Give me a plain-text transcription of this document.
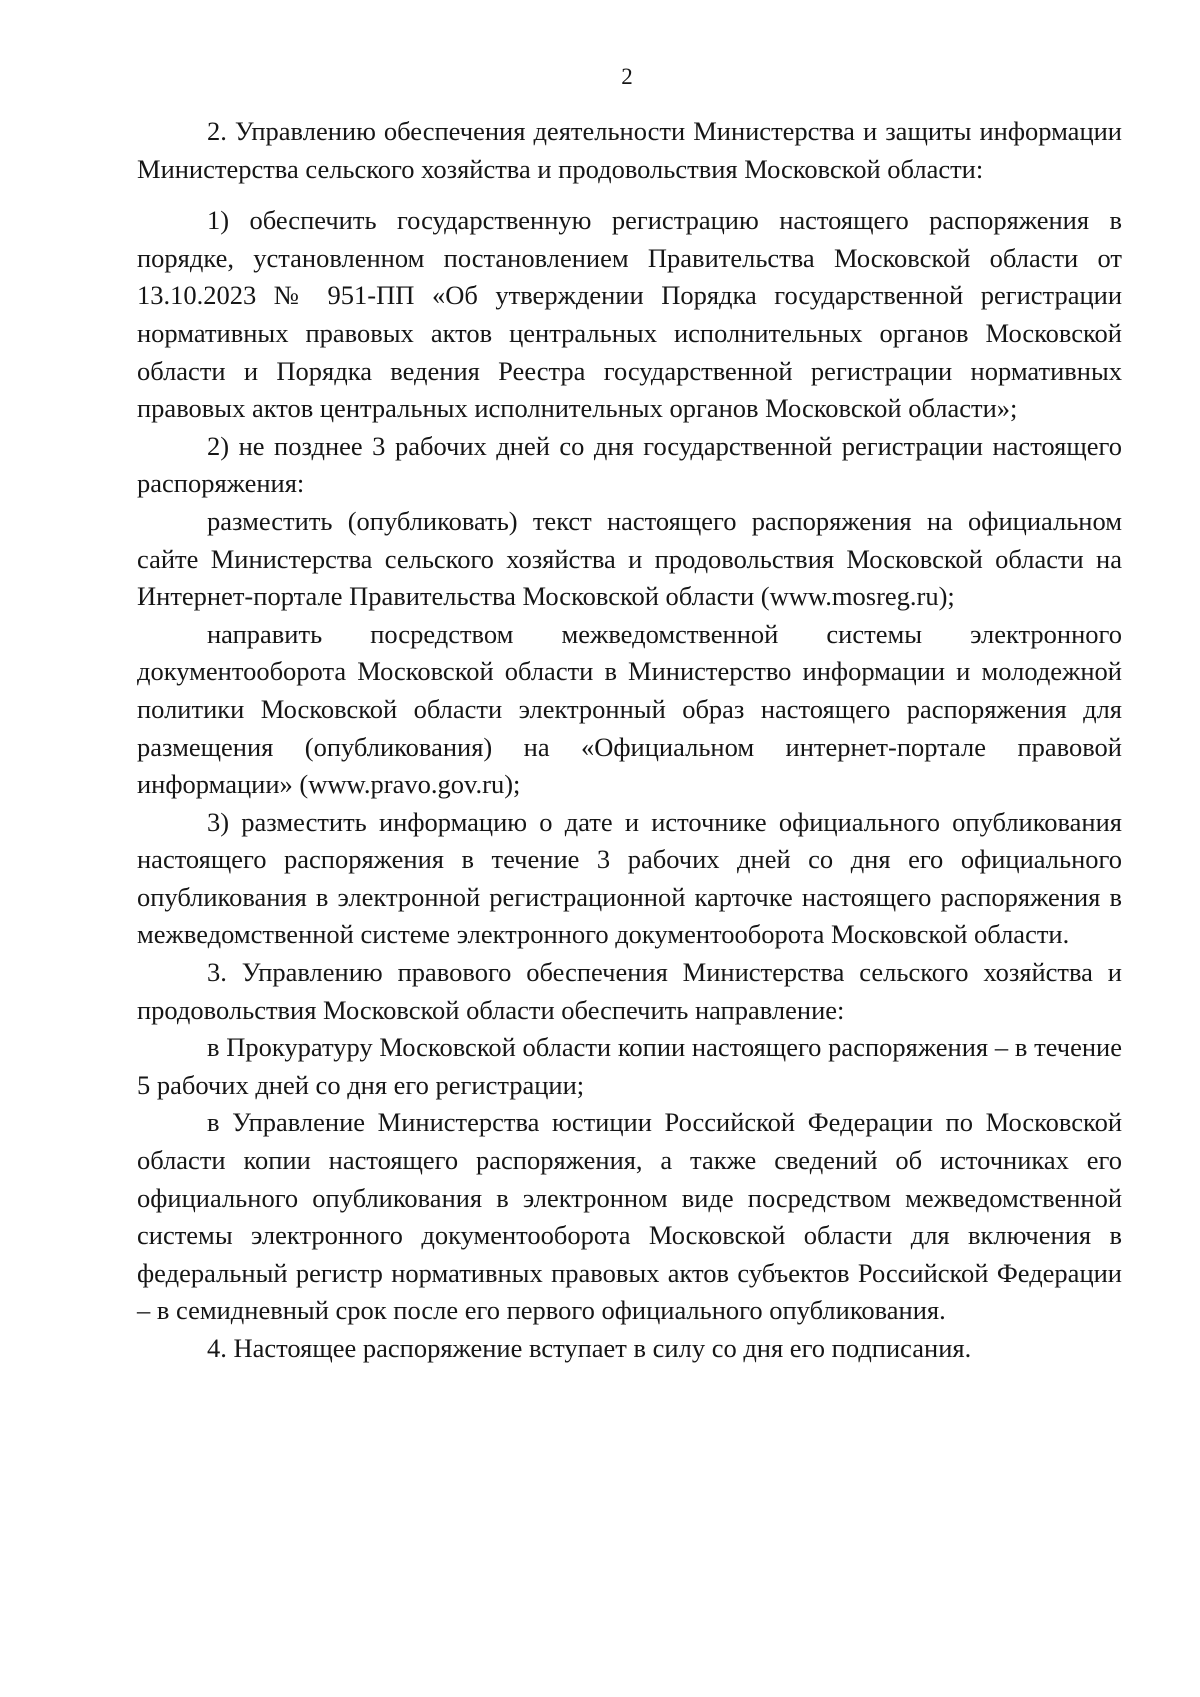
2

2. Управлению обеспечения деятельности Министерства и защиты информации Министерства сельского хозяйства и продовольствия Московской области:

1) обеспечить государственную регистрацию настоящего распоряжения в порядке, установленном постановлением Правительства Московской области от 13.10.2023 № 951-ПП «Об утверждении Порядка государственной регистрации нормативных правовых актов центральных исполнительных органов Московской области и Порядка ведения Реестра государственной регистрации нормативных правовых актов центральных исполнительных органов Московской области»;

2) не позднее 3 рабочих дней со дня государственной регистрации настоящего распоряжения:

разместить (опубликовать) текст настоящего распоряжения на официальном сайте Министерства сельского хозяйства и продовольствия Московской области на Интернет-портале Правительства Московской области (www.mosreg.ru);

направить посредством межведомственной системы электронного документооборота Московской области в Министерство информации и молодежной политики Московской области электронный образ настоящего распоряжения для размещения (опубликования) на «Официальном интернет-портале правовой информации» (www.pravo.gov.ru);

3) разместить информацию о дате и источнике официального опубликования настоящего распоряжения в течение 3 рабочих дней со дня его официального опубликования в электронной регистрационной карточке настоящего распоряжения в межведомственной системе электронного документооборота Московской области.

3. Управлению правового обеспечения Министерства сельского хозяйства и продовольствия Московской области обеспечить направление:

в Прокуратуру Московской области копии настоящего распоряжения – в течение 5 рабочих дней со дня его регистрации;

в Управление Министерства юстиции Российской Федерации по Московской области копии настоящего распоряжения, а также сведений об источниках его официального опубликования в электронном виде посредством межведомственной системы электронного документооборота Московской области для включения в федеральный регистр нормативных правовых актов субъектов Российской Федерации – в семидневный срок после его первого официального опубликования.

4. Настоящее распоряжение вступает в силу со дня его подписания.
